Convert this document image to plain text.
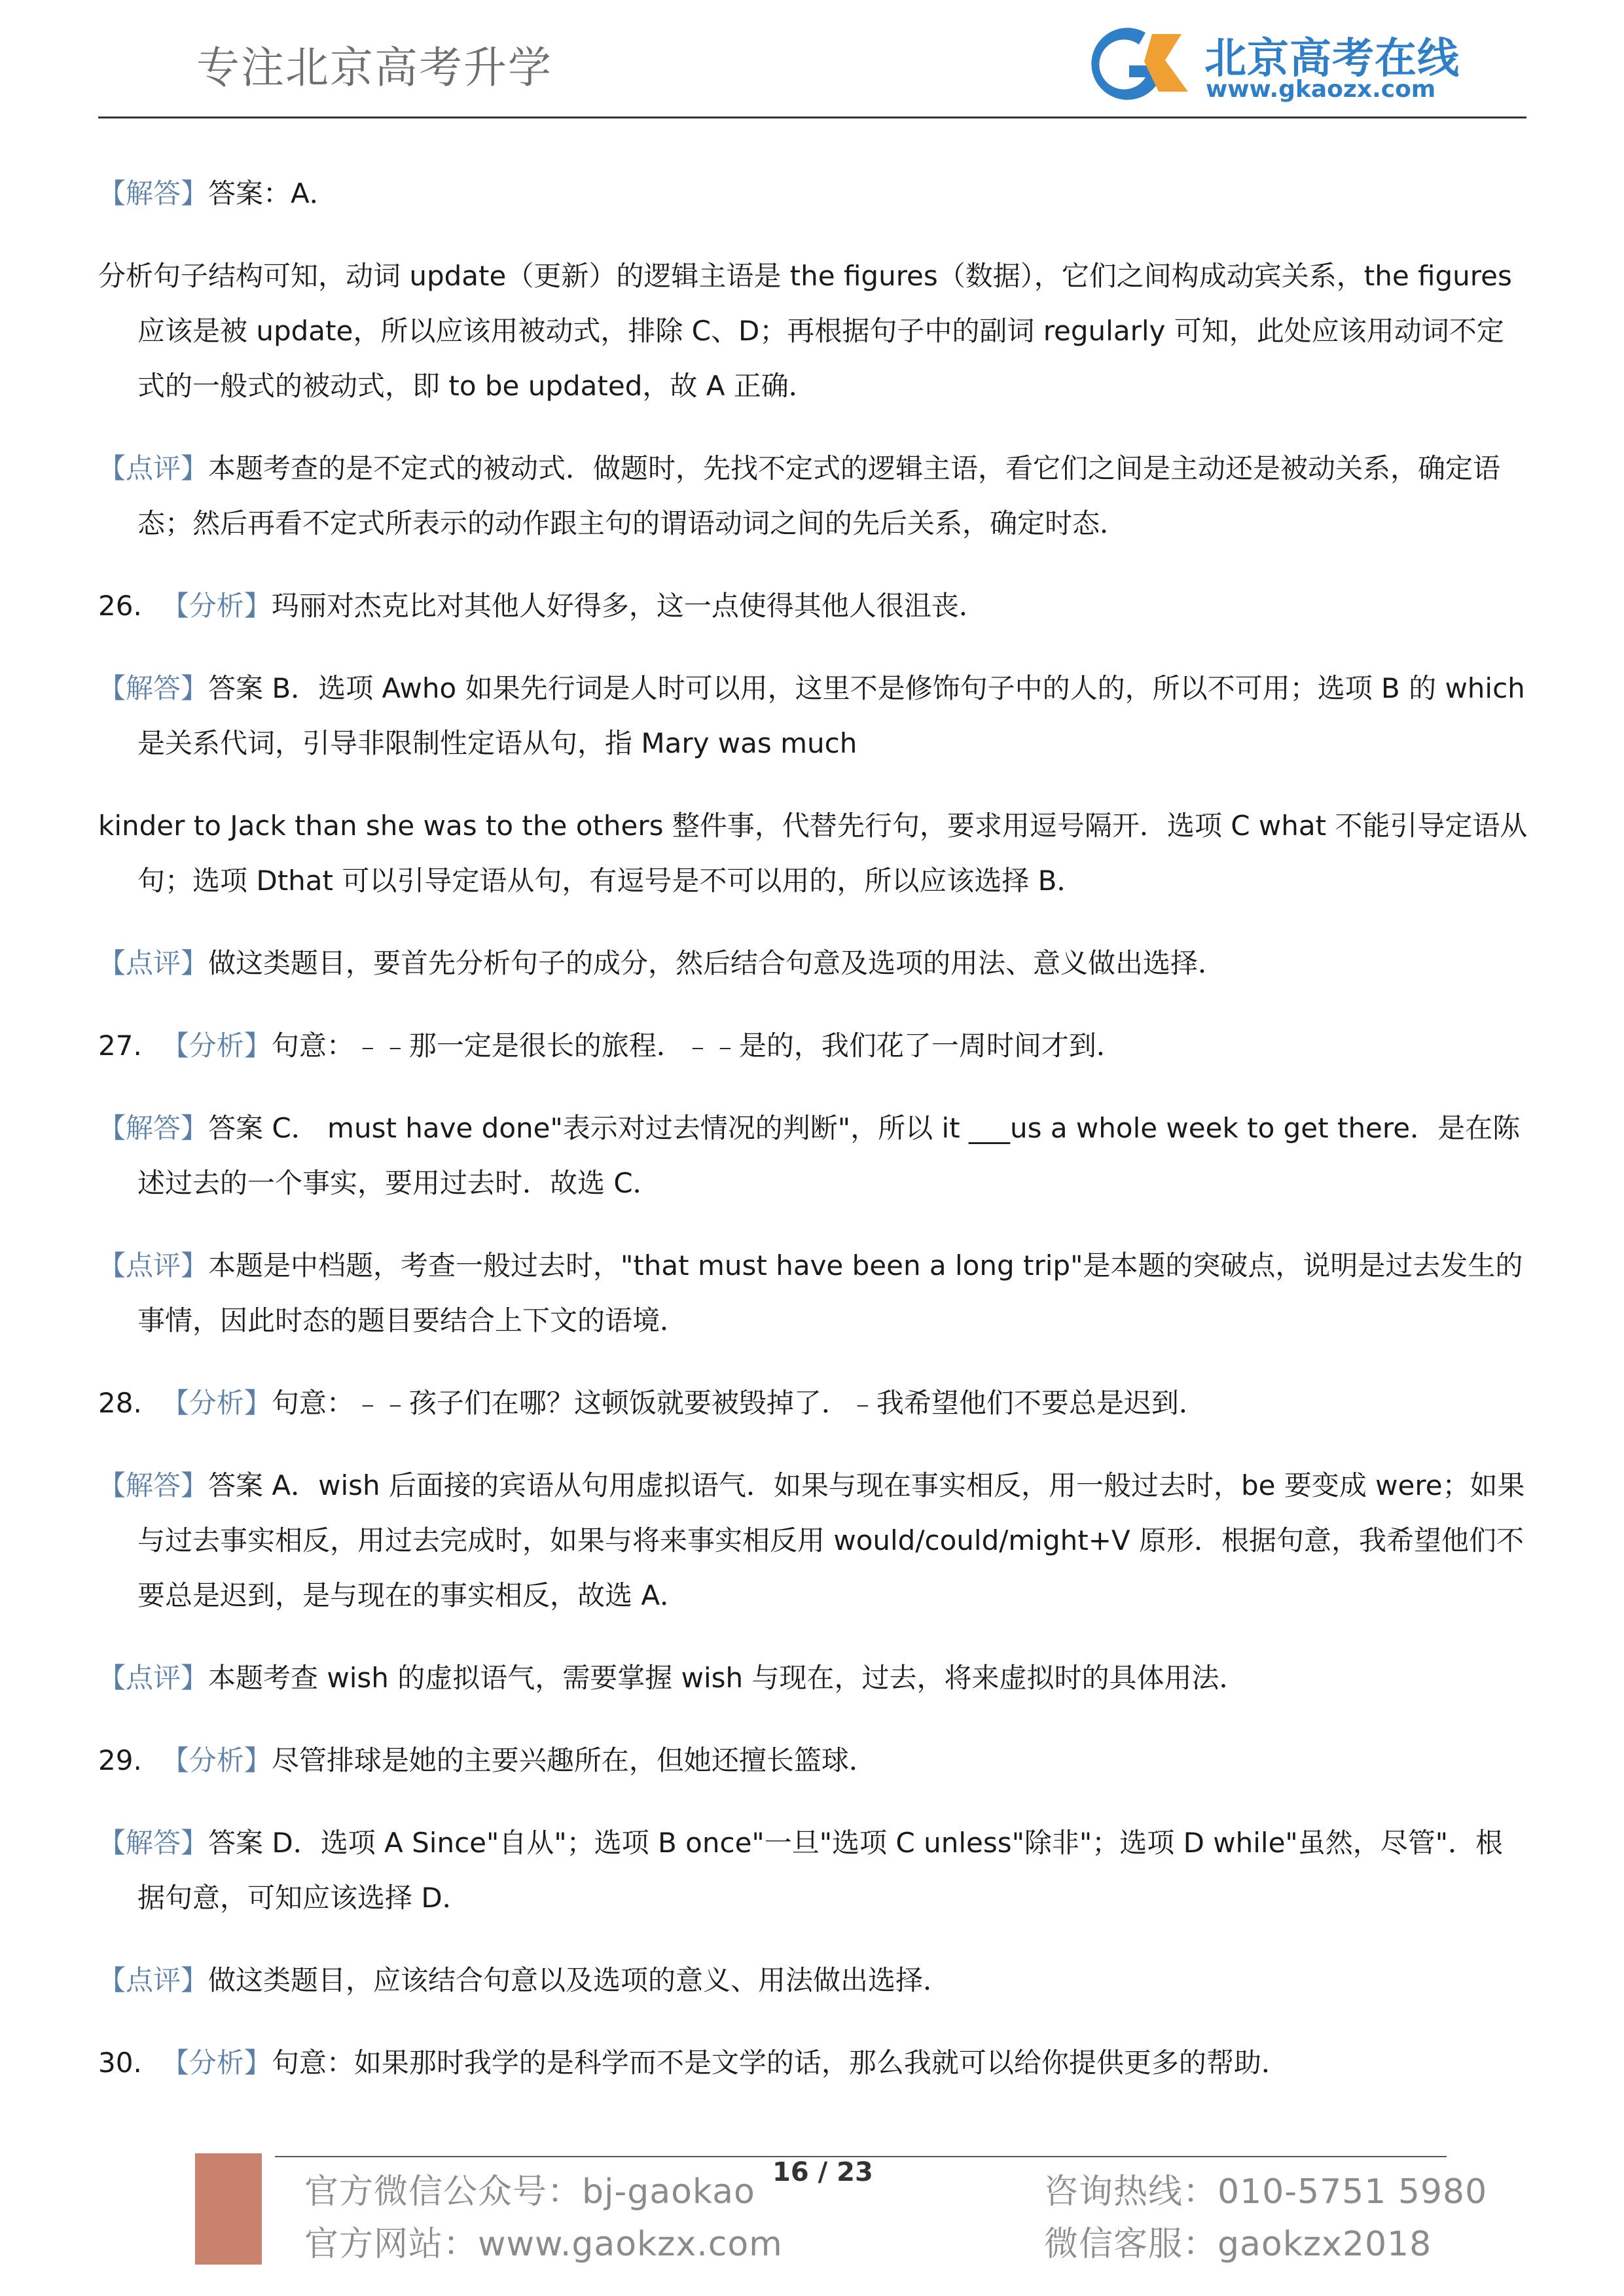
专注北京高考升学	北京高考在线
www.gkaozx.com

【解答】答案：A．

分析句子结构可知，动词 update（更新）的逻辑主语是 the figures（数据），它们之间构成动宾关系，the figures 应该是被 update，所以应该用被动式，排除 C、D；再根据句子中的副词 regularly 可知，此处应该用动词不定式的一般式的被动式，即 to be updated，故 A 正确．

【点评】本题考查的是不定式的被动式．做题时，先找不定式的逻辑主语，看它们之间是主动还是被动关系，确定语态；然后再看不定式所表示的动作跟主句的谓语动词之间的先后关系，确定时态．

26. 【分析】玛丽对杰克比对其他人好得多，这一点使得其他人很沮丧．

【解答】答案 B．选项 Awho 如果先行词是人时可以用，这里不是修饰句子中的人的，所以不可用；选项 B 的 which 是关系代词，引导非限制性定语从句，指 Mary was much

kinder to Jack than she was to the others 整件事，代替先行句，要求用逗号隔开．选项 C what 不能引导定语从句；选项 Dthat 可以引导定语从句，有逗号是不可以用的，所以应该选择 B．

【点评】做这类题目，要首先分析句子的成分，然后结合句意及选项的用法、意义做出选择．

27. 【分析】句意：﹣﹣那一定是很长的旅程．﹣﹣是的，我们花了一周时间才到．

【解答】答案 C． must have done"表示对过去情况的判断"，所以 it ___us a whole week to get there．是在陈述过去的一个事实，要用过去时．故选 C．

【点评】本题是中档题，考查一般过去时，"that must have been a long trip"是本题的突破点，说明是过去发生的事情，因此时态的题目要结合上下文的语境．

28. 【分析】句意：﹣﹣孩子们在哪？这顿饭就要被毁掉了．﹣我希望他们不要总是迟到．

【解答】答案 A．wish 后面接的宾语从句用虚拟语气．如果与现在事实相反，用一般过去时，be 要变成 were；如果与过去事实相反，用过去完成时，如果与将来事实相反用 would/could/might+V 原形．根据句意，我希望他们不要总是迟到，是与现在的事实相反，故选 A．

【点评】本题考查 wish 的虚拟语气，需要掌握 wish 与现在，过去，将来虚拟时的具体用法．

29. 【分析】尽管排球是她的主要兴趣所在，但她还擅长篮球．

【解答】答案 D．选项 A Since"自从"；选项 B once"一旦"选项 C unless"除非"；选项 D while"虽然，尽管"．根据句意，可知应该选择 D．

【点评】做这类题目，应该结合句意以及选项的意义、用法做出选择．

30. 【分析】句意：如果那时我学的是科学而不是文学的话，那么我就可以给你提供更多的帮助．

16 / 23
官方微信公众号：bj-gaokao
官方网站：www.gaokzx.com
咨询热线：010-5751 5980
微信客服：gaokzx2018
